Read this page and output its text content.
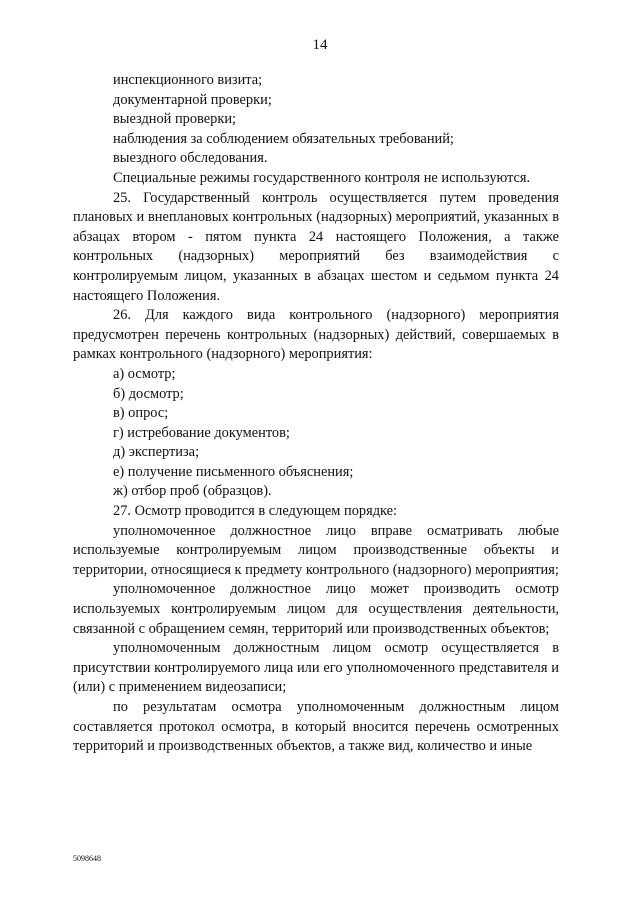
14

инспекционного визита;

документарной проверки;

выездной проверки;

наблюдения за соблюдением обязательных требований;

выездного обследования.

Специальные режимы государственного контроля не используются.

25. Государственный контроль осуществляется путем проведения плановых и внеплановых контрольных (надзорных) мероприятий, указанных в абзацах втором - пятом пункта 24 настоящего Положения, а также контрольных (надзорных) мероприятий без взаимодействия с контролируемым лицом, указанных в абзацах шестом и седьмом пункта 24 настоящего Положения.

26. Для каждого вида контрольного (надзорного) мероприятия предусмотрен перечень контрольных (надзорных) действий, совершаемых в рамках контрольного (надзорного) мероприятия:

а) осмотр;

б) досмотр;

в) опрос;

г) истребование документов;

д) экспертиза;

е) получение письменного объяснения;

ж) отбор проб (образцов).

27. Осмотр проводится в следующем порядке:

уполномоченное должностное лицо вправе осматривать любые используемые контролируемым лицом производственные объекты и территории, относящиеся к предмету контрольного (надзорного) мероприятия;

уполномоченное должностное лицо может производить осмотр используемых контролируемым лицом для осуществления деятельности, связанной с обращением семян, территорий или производственных объектов;

уполномоченным должностным лицом осмотр осуществляется в присутствии контролируемого лица или его уполномоченного представителя и (или) с применением видеозаписи;

по результатам осмотра уполномоченным должностным лицом составляется протокол осмотра, в который вносится перечень осмотренных территорий и производственных объектов, а также вид, количество и иные

5098648
